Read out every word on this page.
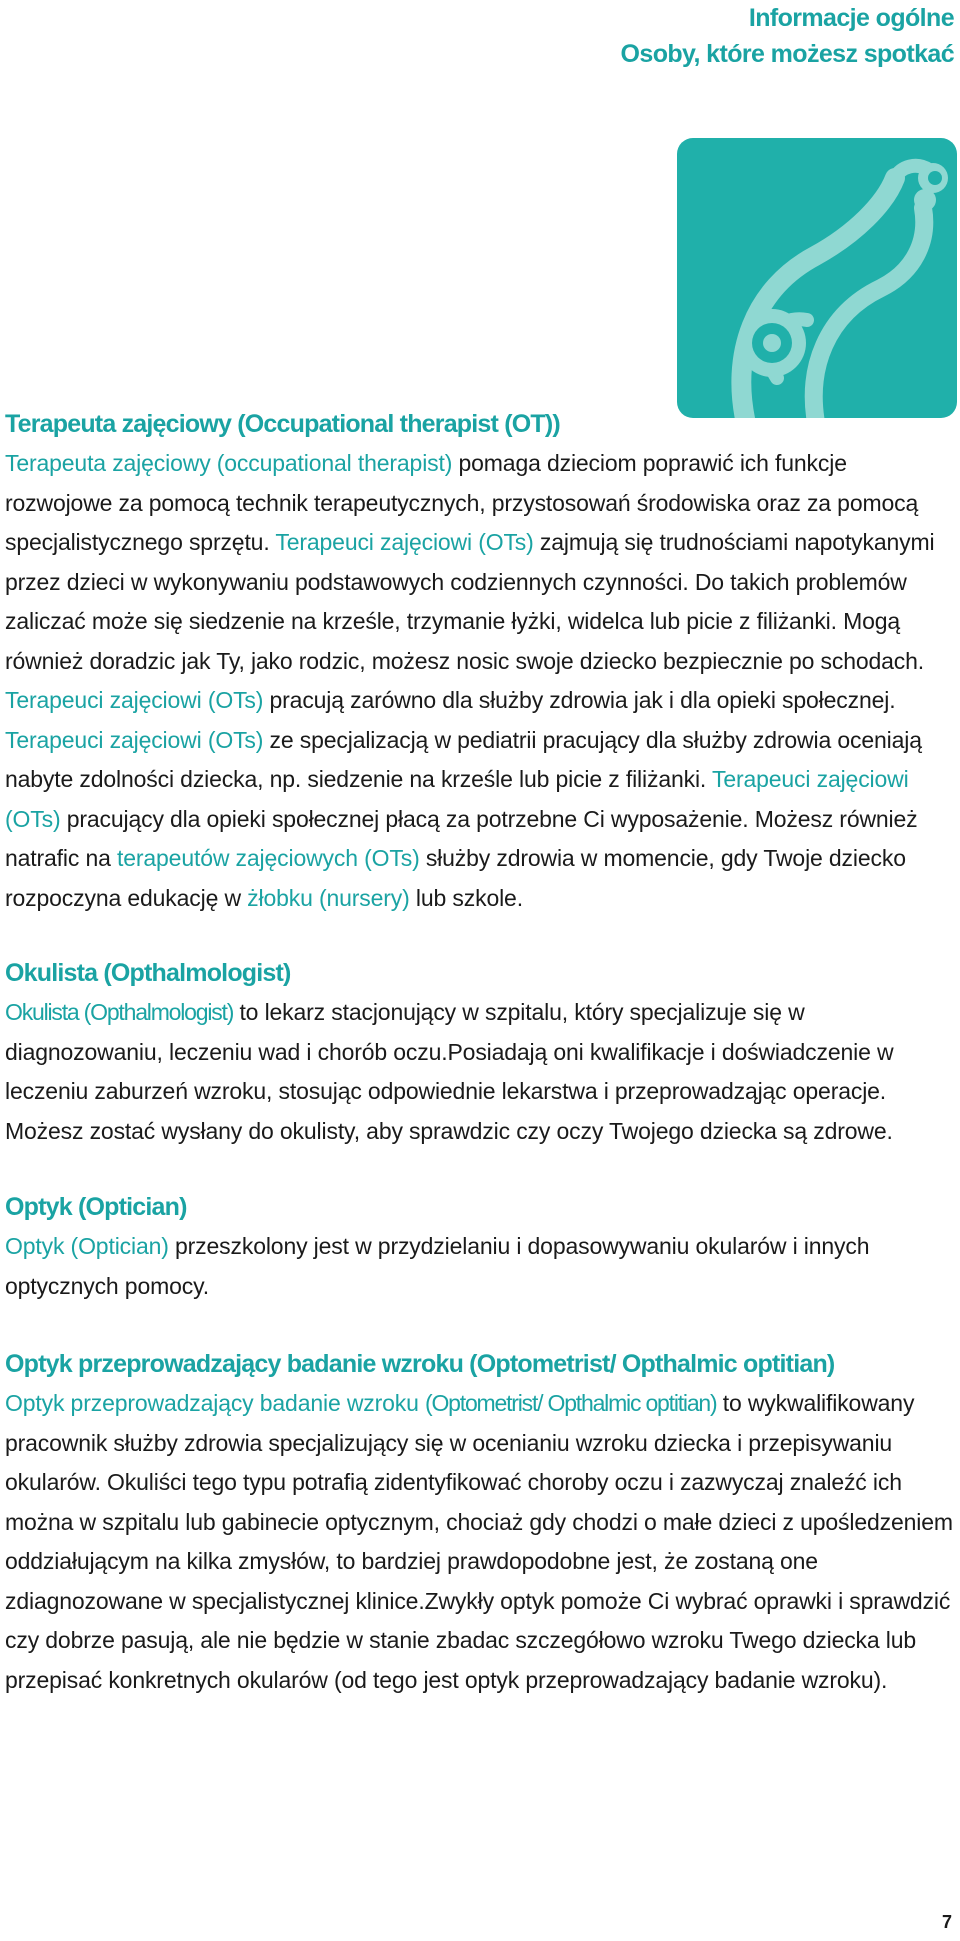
Informacje ogólne
Osoby, które możesz spotkać
Terapeuta zajęciowy (Occupational therapist (OT))

Terapeuta zajęciowy (occupational therapist) pomaga dzieciom poprawić ich funkcje rozwojowe za pomocą technik terapeutycznych, przystosowań środowiska oraz za pomocą specjalistycznego sprzętu. Terapeuci zajęciowi (OTs) zajmują się trudnościami napotykanymi przez dzieci w wykonywaniu podstawowych codziennych czynności. Do takich problemów zaliczać może się siedzenie na krześle, trzymanie łyżki, widelca lub picie z filiżanki. Mogą również doradzic jak Ty, jako rodzic, możesz nosic swoje dziecko bezpiecznie po schodach. Terapeuci zajęciowi (OTs) pracują zarówno dla służby zdrowia jak i dla opieki społecznej. Terapeuci zajęciowi (OTs) ze specjalizacją w pediatrii pracujący dla służby zdrowia oceniają nabyte zdolności dziecka, np. siedzenie na krześle lub picie z filiżanki. Terapeuci zajęciowi (OTs) pracujący dla opieki społecznej płacą za potrzebne Ci wyposażenie. Możesz również natrafic na terapeutów zajęciowych (OTs) służby zdrowia w momencie, gdy Twoje dziecko rozpoczyna edukację w żłobku (nursery) lub szkole.

Okulista (Opthalmologist)

Okulista (Opthalmologist) to lekarz stacjonujący w szpitalu, który specjalizuje się w diagnozowaniu, leczeniu wad i chorób oczu.Posiadają oni kwalifikacje i doświadczenie w leczeniu zaburzeń wzroku, stosując odpowiednie lekarstwa i przeprowadząjąc operacje. Możesz zostać wysłany do okulisty, aby sprawdzic czy oczy Twojego dziecka są zdrowe.

Optyk (Optician)

Optyk (Optician) przeszkolony jest w przydzielaniu i dopasowywaniu okularów i innych optycznych pomocy.

Optyk przeprowadzający badanie wzroku (Optometrist/ Opthalmic optitian)

Optyk przeprowadzający badanie wzroku (Optometrist/ Opthalmic optitian) to wykwalifikowany pracownik służby zdrowia specjalizujący się w ocenianiu wzroku dziecka i przepisywaniu okularów. Okuliści tego typu potrafią zidentyfikować choroby oczu i zazwyczaj znaleźć ich można w szpitalu lub gabinecie optycznym, chociaż gdy chodzi o małe dzieci z upośledzeniem oddziałującym na kilka zmysłów, to bardziej prawdopodobne jest, że zostaną one zdiagnozowane w specjalistycznej klinice.Zwykły optyk pomoże Ci wybrać oprawki i sprawdzić czy dobrze pasują, ale nie będzie w stanie zbadac szczegółowo wzroku Twego dziecka lub przepisać konkretnych okularów (od tego jest optyk przeprowadzający badanie wzroku).

7
